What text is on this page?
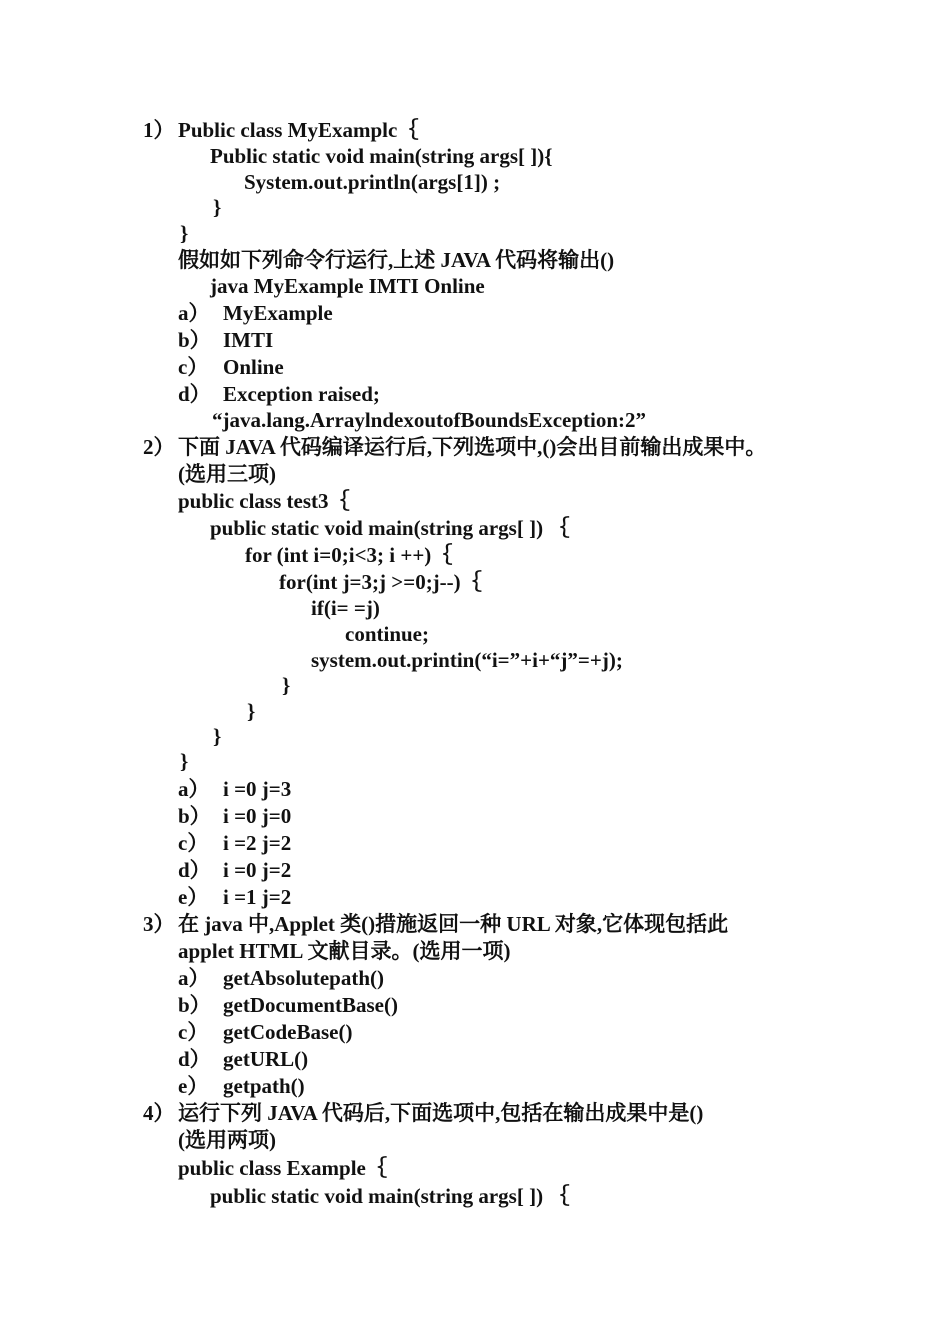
1） Public class MyExamplc｛
Public static void main(string args[ ]){
System.out.println(args[1]) ;
}
}
假如如下列命令行运行,上述 JAVA 代码将输出()
java MyExample IMTI Online
a） MyExample
b） IMTI
c） Online
d） Exception raised;
“java.lang.ArraylndexoutofBoundsException:2”
2） 下面 JAVA 代码编译运行后,下列选项中,()会出目前输出成果中。
(选用三项)
public class test3｛
public static void main(string args[ ]) ｛
for (int i=0;i<3; i ++)｛
for(int j=3;j >=0;j--)｛
if(i= =j)
continue;
system.out.printin(“i=”+i+“j”=+j);
}
}
}
}
a） i =0 j=3
b） i =0 j=0
c） i =2 j=2
d） i =0 j=2
e） i =1 j=2
3） 在 java 中,Applet 类()措施返回一种 URL 对象,它体现包括此
applet HTML 文献目录。(选用一项)
a） getAbsolutepath()
b） getDocumentBase()
c） getCodeBase()
d） getURL()
e） getpath()
4） 运行下列 JAVA 代码后,下面选项中,包括在输出成果中是()
(选用两项)
public class Example｛
public static void main(string args[ ]) ｛
